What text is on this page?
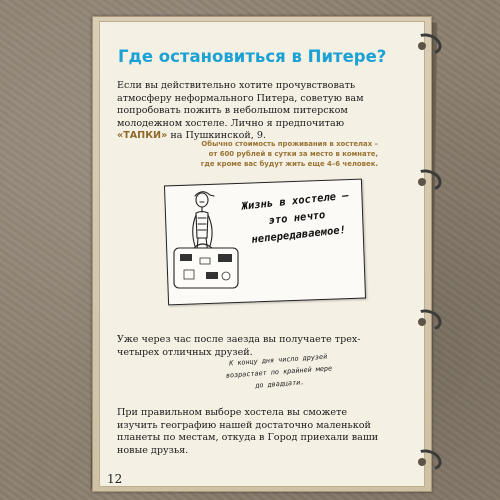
Где остановиться в Питере?

Если вы действительно хотите прочувствовать атмосферу неформального Питера, советую вам попробовать пожить в небольшом питерском молодежном хостеле. Лично я предпочитаю «ТАПКИ» на Пушкинской, 9.

Обычно стоимость проживания в хостелах –
от 600 рублей в сутки за место в комнате,
где кроме вас будут жить еще 4–6 человек.
Жизнь в хостеле –
это нечто
непередаваемое!

Уже через час после заезда вы получаете трех-четырех отличных друзей.

К концу дня число друзей
возрастает по крайней мере
до двадцати.

При правильном выборе хостела вы сможете изучить географию нашей достаточно маленькой планеты по местам, откуда в Город приехали ваши новые друзья.

12
